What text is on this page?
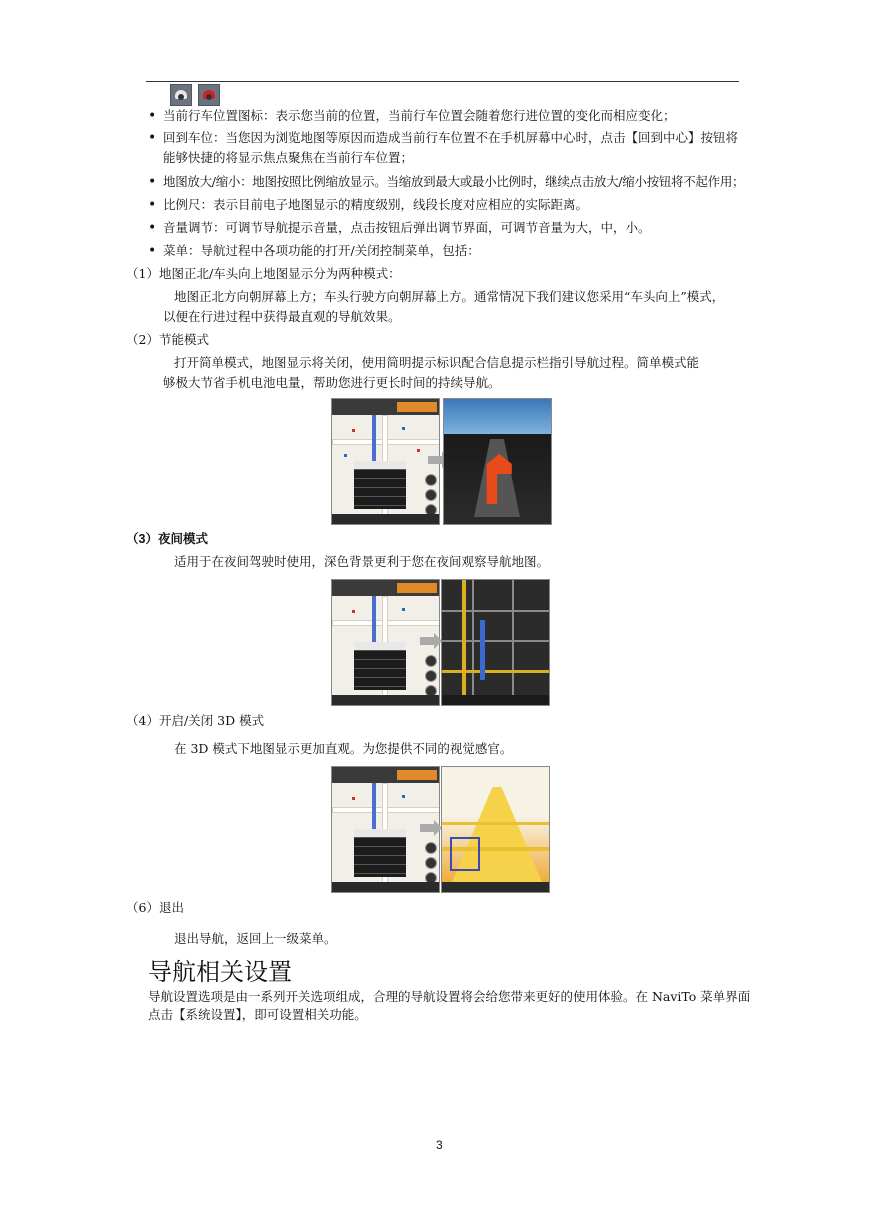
• 当前行车位置图标：表示您当前的位置，当前行车位置会随着您行进位置的变化而相应变化；
• 回到车位：当您因为浏览地图等原因而造成当前行车位置不在手机屏幕中心时，点击【回到中心】按钮将
能够快捷的将显示焦点聚焦在当前行车位置；
• 地图放大/缩小：地图按照比例缩放显示。当缩放到最大或最小比例时，继续点击放大/缩小按钮将不起作用；
• 比例尺：表示目前电子地图显示的精度级别，线段长度对应相应的实际距离。
• 音量调节：可调节导航提示音量，点击按钮后弹出调节界面，可调节音量为大，中，小。
• 菜单：导航过程中各项功能的打开/关闭控制菜单，包括：
（1）地图正北/车头向上地图显示分为两种模式：
地图正北方向朝屏幕上方；车头行驶方向朝屏幕上方。通常情况下我们建议您采用“车头向上”模式，
以便在行进过程中获得最直观的导航效果。
（2）节能模式
打开简单模式，地图显示将关闭，使用简明提示标识配合信息提示栏指引导航过程。简单模式能
够极大节省手机电池电量，帮助您进行更长时间的持续导航。
（3）夜间模式
适用于在夜间驾驶时使用，深色背景更利于您在夜间观察导航地图。
（4）开启/关闭 3D 模式
在 3D 模式下地图显示更加直观。为您提供不同的视觉感官。
（6）退出
退出导航，返回上一级菜单。
导航相关设置
导航设置选项是由一系列开关选项组成，合理的导航设置将会给您带来更好的使用体验。在 NaviTo 菜单界面
点击【系统设置】，即可设置相关功能。
3
